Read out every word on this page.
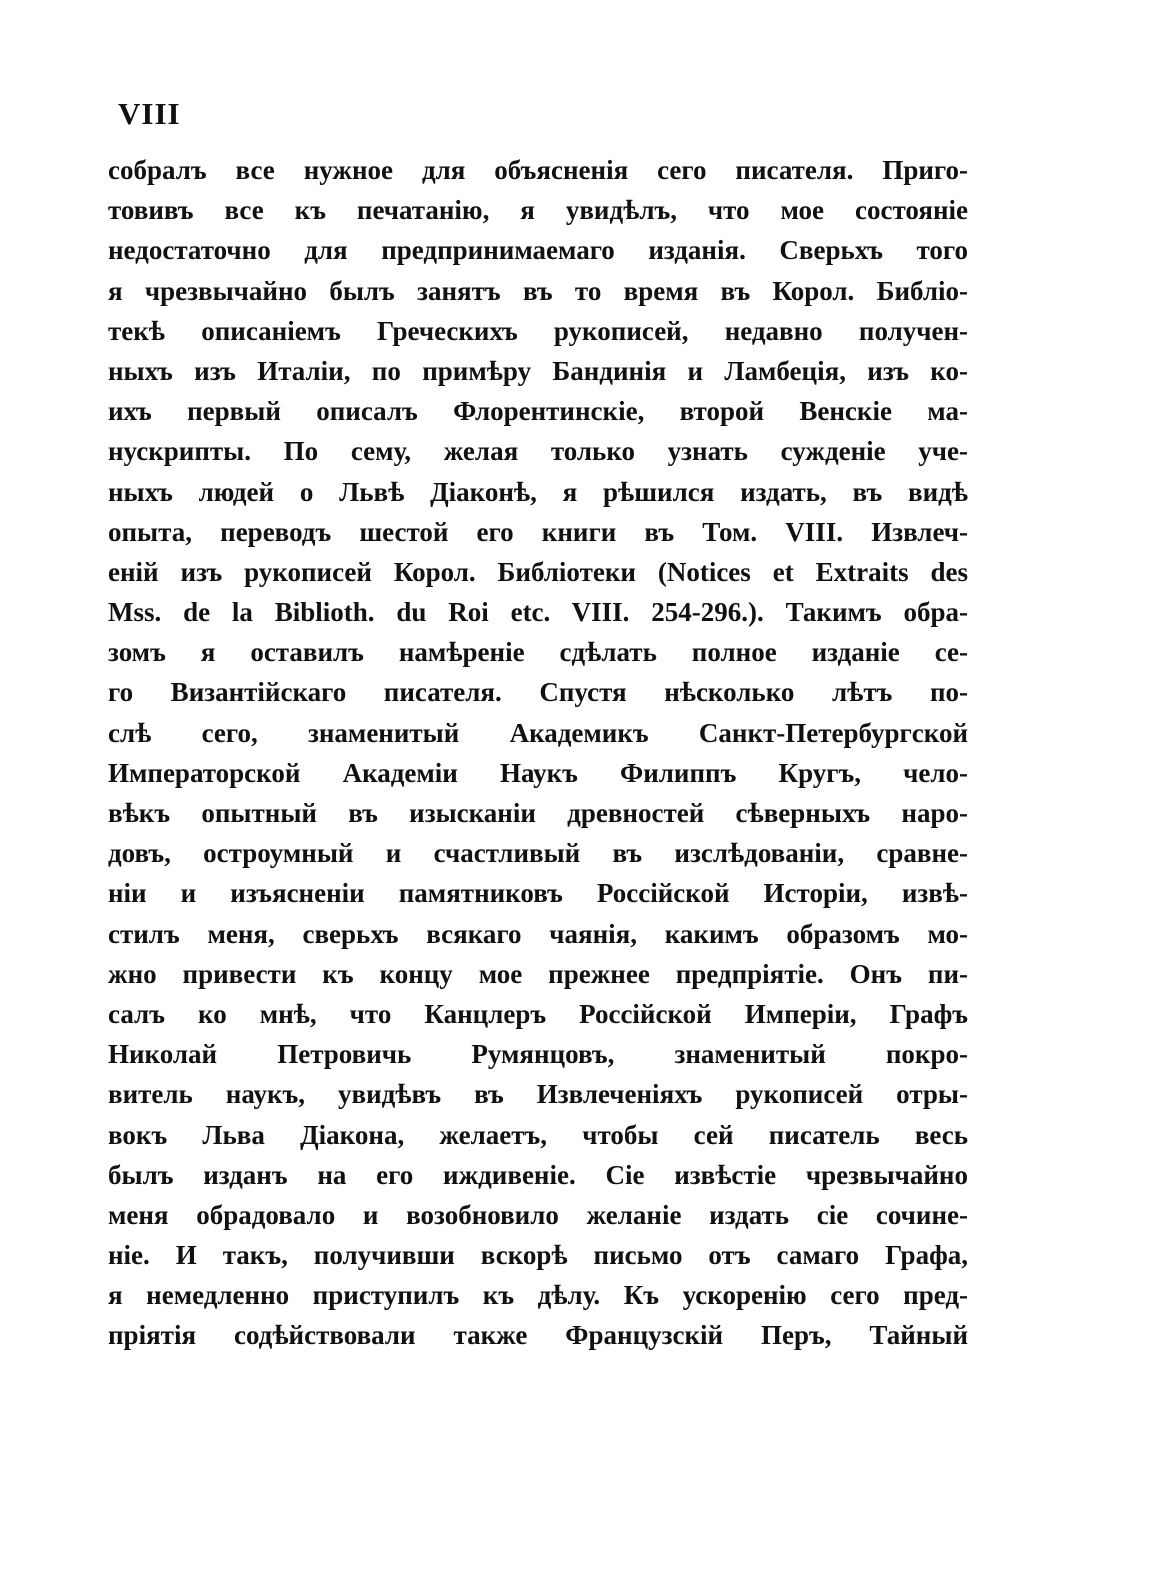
VIII
собралъ все нужное для объясненія сего писателя. Приго-
товивъ все къ печатанію, я увидѣлъ, что мое состояніе
недостаточно для предпринимаемаго изданія. Сверьхъ того
я чрезвычайно былъ занятъ въ то время въ Корол. Библіо-
текѣ описаніемъ Греческихъ рукописей, недавно получен-
ныхъ изъ Италіи, по примѣру Бандинія и Ламбеція, изъ ко-
ихъ первый описалъ Флорентинскіе, второй Венскіе ма-
нускрипты. По сему, желая только узнать сужденіе уче-
ныхъ людей о Львѣ Діаконѣ, я рѣшился издать, въ видѣ
опыта, переводъ шестой его книги въ Том. VIII. Извлеч-
еній изъ рукописей Корол. Библіотеки (Notices et Extraits des
Mss. de la Biblioth. du Roi etc. VIII. 254-296.). Такимъ обра-
зомъ я оставилъ намѣреніе сдѣлать полное изданіе се-
го Византійскаго писателя. Спустя нѣсколько лѣтъ по-
слѣ сего, знаменитый Академикъ Санкт-Петербургской
Императорской Академіи Наукъ Филиппъ Кругъ, чело-
вѣкъ опытный въ изысканіи древностей сѣверныхъ наро-
довъ, остроумный и счастливый въ изслѣдованіи, сравне-
ніи и изъясненіи памятниковъ Россійской Исторіи, извѣ-
стилъ меня, сверьхъ всякаго чаянія, какимъ образомъ мо-
жно привести къ концу мое прежнее предпріятіе. Онъ пи-
салъ ко мнѣ, что Канцлеръ Россійской Имперіи, Графъ
Николай Петровичь Румянцовъ, знаменитый покро-
витель наукъ, увидѣвъ въ Извлеченіяхъ рукописей отры-
вокъ Льва Діакона, желаетъ, чтобы сей писатель весь
былъ изданъ на его иждивеніе. Сіе извѣстіе чрезвычайно
меня обрадовало и возобновило желаніе издать сіе сочине-
ніе. И такъ, получивши вскорѣ письмо отъ самаго Графа,
я немедленно приступилъ къ дѣлу. Къ ускоренію сего пред-
пріятія содѣйствовали также Французскій Перъ, Тайный
